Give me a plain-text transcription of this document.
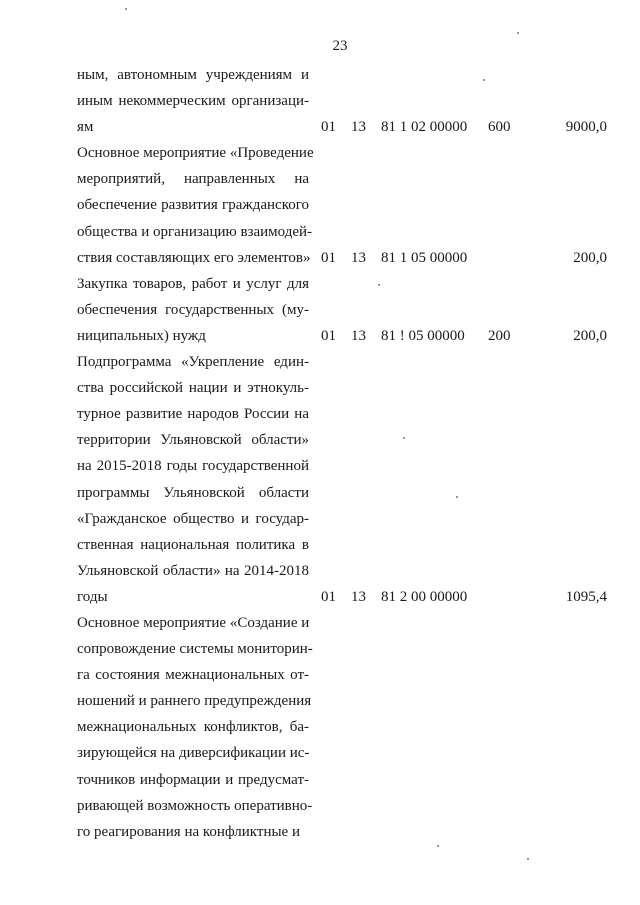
23
ным, автономным учреждениям и
иным некоммерческим организаци-
ям	01	13	81 1 02 00000	600	9000,0
Основное мероприятие «Проведение
мероприятий, направленных на
обеспечение развития гражданского
общества и организацию взаимодей-
ствия составляющих его элементов» 01	13	81 1 05 00000	200,0
Закупка товаров, работ и услуг для
обеспечения государственных (му-
ниципальных) нужд	01	13	81 ! 05 00000	200	200,0
Подпрограмма «Укрепление един-
ства российской нации и этнокуль-
турное развитие народов России на
территории Ульяновской области»
на 2015-2018 годы государственной
программы Ульяновской области
«Гражданское общество и государ-
ственная национальная политика в
Ульяновской области» на 2014-2018
годы	01	13	81 2 00 00000	1095,4
Основное мероприятие «Создание и
сопровождение системы мониторин-
га состояния межнациональных от-
ношений и раннего предупреждения
межнациональных конфликтов, ба-
зирующейся на диверсификации ис-
точников информации и предусмат-
ривающей возможность оперативно-
го реагирования на конфликтные и
